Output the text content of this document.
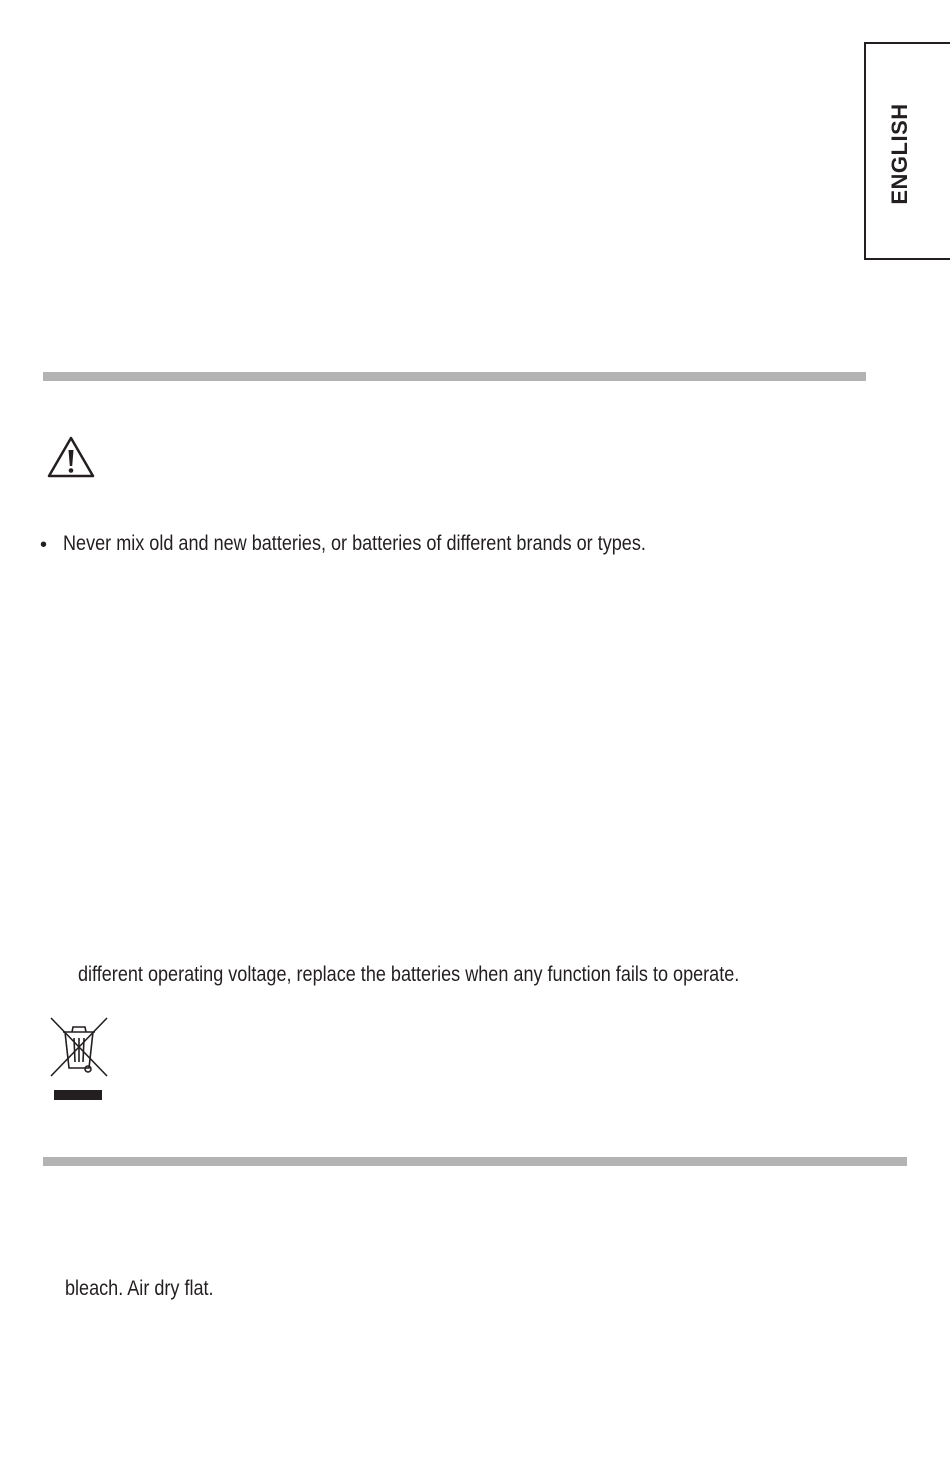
ENGLISH
• Never mix old and new batteries, or batteries of different brands or types.
different operating voltage, replace the batteries when any function fails to operate.
bleach. Air dry flat.
